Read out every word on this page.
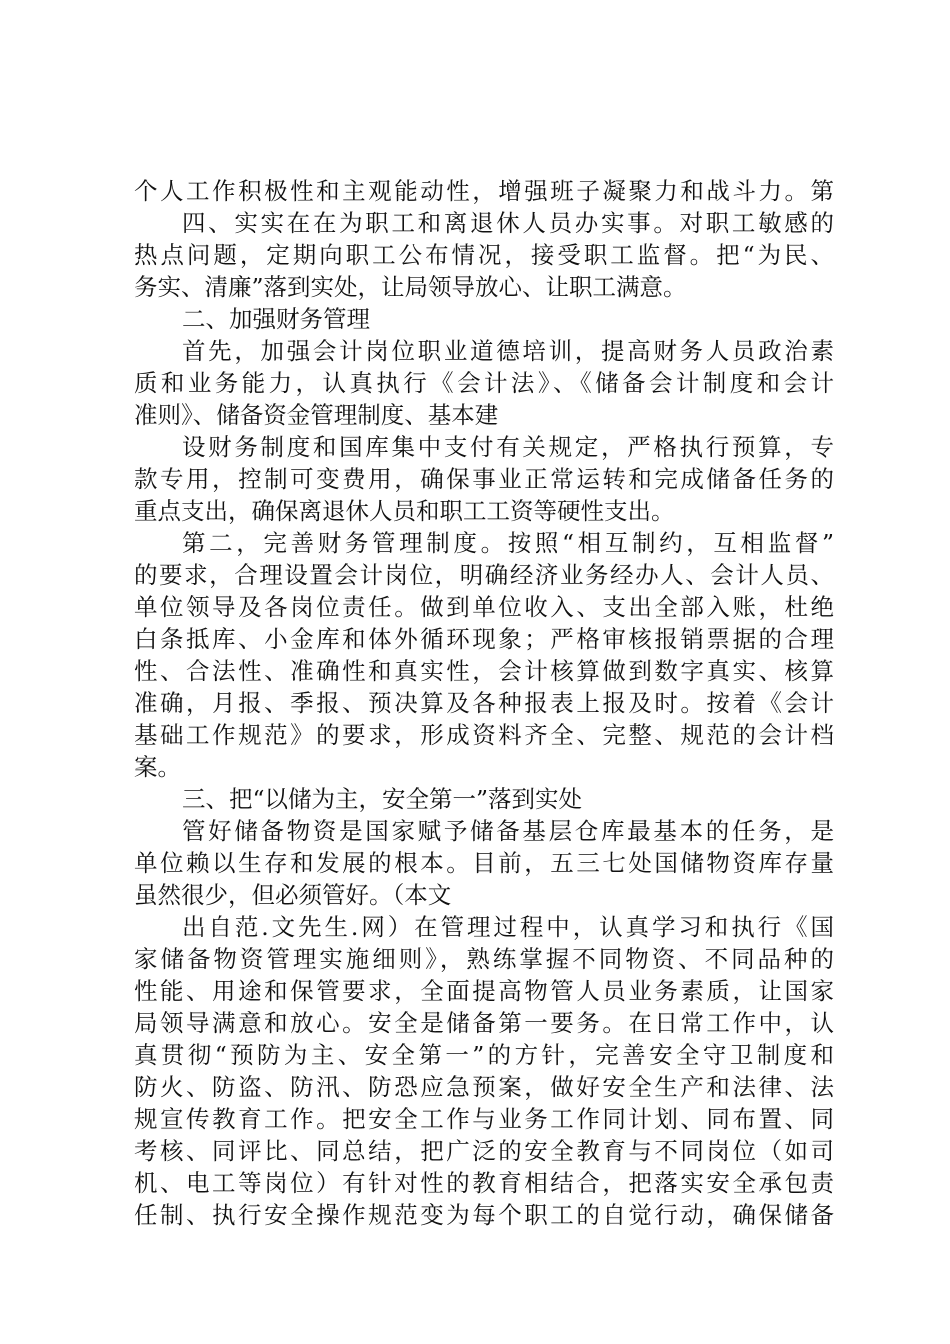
个人工作积极性和主观能动性，增强班子凝聚力和战斗力。第
四、实实在在为职工和离退休人员办实事。对职工敏感的
热点问题，定期向职工公布情况，接受职工监督。把“为民、
务实、清廉”落到实处，让局领导放心、让职工满意。
二、加强财务管理
首先，加强会计岗位职业道德培训，提高财务人员政治素
质和业务能力，认真执行《会计法》、《储备会计制度和会计
准则》、储备资金管理制度、基本建
设财务制度和国库集中支付有关规定，严格执行预算，专
款专用，控制可变费用，确保事业正常运转和完成储备任务的
重点支出，确保离退休人员和职工工资等硬性支出。
第二，完善财务管理制度。按照“相互制约，互相监督”
的要求，合理设置会计岗位，明确经济业务经办人、会计人员、
单位领导及各岗位责任。做到单位收入、支出全部入账，杜绝
白条抵库、小金库和体外循环现象；严格审核报销票据的合理
性、合法性、准确性和真实性，会计核算做到数字真实、核算
准确，月报、季报、预决算及各种报表上报及时。按着《会计
基础工作规范》的要求，形成资料齐全、完整、规范的会计档
案。
三、把“以储为主，安全第一”落到实处
管好储备物资是国家赋予储备基层仓库最基本的任务，是
单位赖以生存和发展的根本。目前，五三七处国储物资库存量
虽然很少，但必须管好。（本文
出自范.文先生.网）在管理过程中，认真学习和执行《国
家储备物资管理实施细则》，熟练掌握不同物资、不同品种的
性能、用途和保管要求，全面提高物管人员业务素质，让国家
局领导满意和放心。安全是储备第一要务。在日常工作中，认
真贯彻“预防为主、安全第一”的方针，完善安全守卫制度和
防火、防盗、防汛、防恐应急预案，做好安全生产和法律、法
规宣传教育工作。把安全工作与业务工作同计划、同布置、同
考核、同评比、同总结，把广泛的安全教育与不同岗位（如司
机、电工等岗位）有针对性的教育相结合，把落实安全承包责
任制、执行安全操作规范变为每个职工的自觉行动，确保储备
